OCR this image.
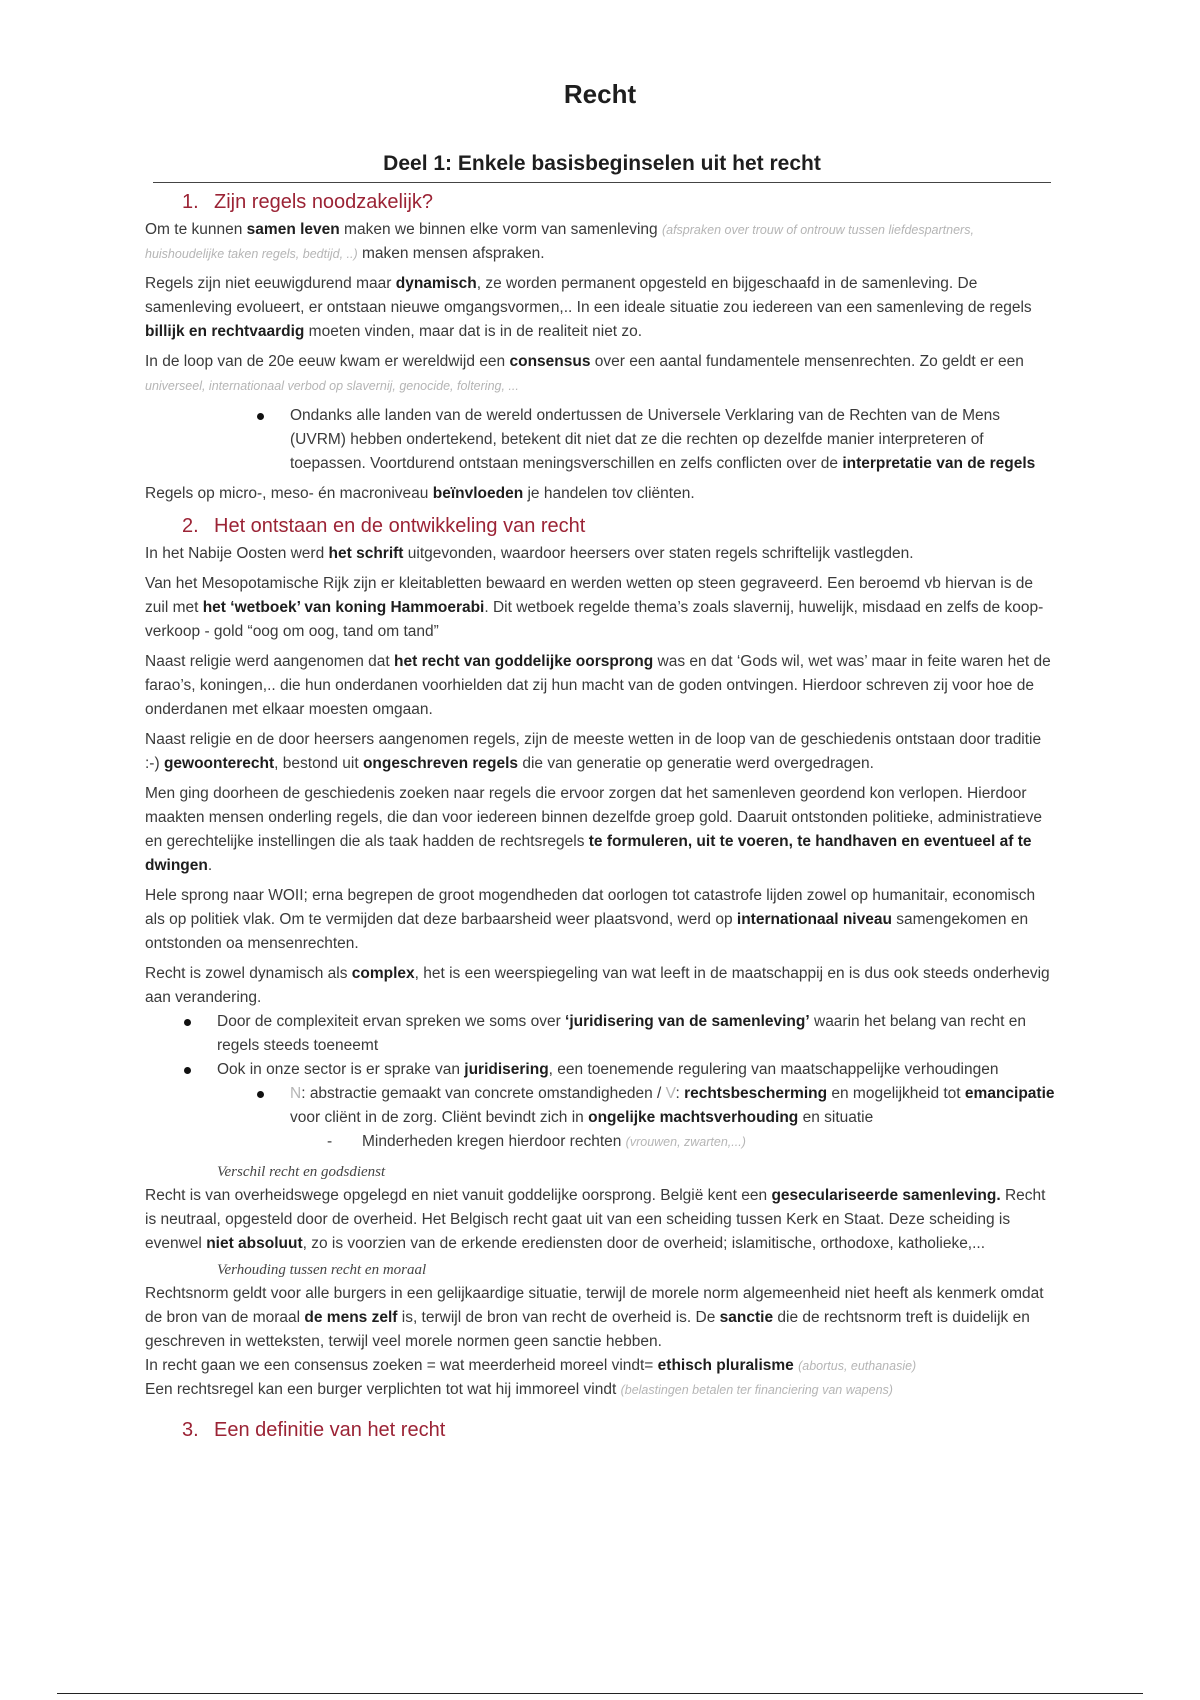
Recht
Deel 1: Enkele basisbeginselen uit het recht
1. Zijn regels noodzakelijk?

Om te kunnen samen leven maken we binnen elke vorm van samenleving (afspraken over trouw of ontrouw tussen liefdespartners, huishoudelijke taken regels, bedtijd, ..) maken mensen afspraken.

Regels zijn niet eeuwigdurend maar dynamisch, ze worden permanent opgesteld en bijgeschaafd in de samenleving. De samenleving evolueert, er ontstaan nieuwe omgangsvormen,.. In een ideale situatie zou iedereen van een samenleving de regels billijk en rechtvaardig moeten vinden, maar dat is in de realiteit niet zo.

In de loop van de 20e eeuw kwam er wereldwijd een consensus over een aantal fundamentele mensenrechten. Zo geldt er een universeel, internationaal verbod op slavernij, genocide, foltering, ...

Ondanks alle landen van de wereld ondertussen de Universele Verklaring van de Rechten van de Mens (UVRM) hebben ondertekend, betekent dit niet dat ze die rechten op dezelfde manier interpreteren of toepassen. Voortdurend ontstaan meningsverschillen en zelfs conflicten over de interpretatie van de regels

Regels op micro-, meso- én macroniveau beïnvloeden je handelen tov cliënten.

2. Het ontstaan en de ontwikkeling van recht

In het Nabije Oosten werd het schrift uitgevonden, waardoor heersers over staten regels schriftelijk vastlegden.

Van het Mesopotamische Rijk zijn er kleitabletten bewaard en werden wetten op steen gegraveerd. Een beroemd vb hiervan is de zuil met het ‘wetboek’ van koning Hammoerabi. Dit wetboek regelde thema’s zoals slavernij, huwelijk, misdaad en zelfs de koop-verkoop - gold “oog om oog, tand om tand”

Naast religie werd aangenomen dat het recht van goddelijke oorsprong was en dat ‘Gods wil, wet was’ maar in feite waren het de farao’s, koningen,.. die hun onderdanen voorhielden dat zij hun macht van de goden ontvingen. Hierdoor schreven zij voor hoe de onderdanen met elkaar moesten omgaan.

Naast religie en de door heersers aangenomen regels, zijn de meeste wetten in de loop van de geschiedenis ontstaan door traditie :-) gewoonterecht, bestond uit ongeschreven regels die van generatie op generatie werd overgedragen.

Men ging doorheen de geschiedenis zoeken naar regels die ervoor zorgen dat het samenleven geordend kon verlopen. Hierdoor maakten mensen onderling regels, die dan voor iedereen binnen dezelfde groep gold. Daaruit ontstonden politieke, administratieve en gerechtelijke instellingen die als taak hadden de rechtsregels te formuleren, uit te voeren, te handhaven en eventueel af te dwingen.

Hele sprong naar WOII; erna begrepen de groot mogendheden dat oorlogen tot catastrofe lijden zowel op humanitair, economisch als op politiek vlak. Om te vermijden dat deze barbaarsheid weer plaatsvond, werd op internationaal niveau samengekomen en ontstonden oa mensenrechten.

Recht is zowel dynamisch als complex, het is een weerspiegeling van wat leeft in de maatschappij en is dus ook steeds onderhevig aan verandering.

Door de complexiteit ervan spreken we soms over ‘juridisering van de samenleving’ waarin het belang van recht en regels steeds toeneemt
Ook in onze sector is er sprake van juridisering, een toenemende regulering van maatschappelijke verhoudingen
N: abstractie gemaakt van concrete omstandigheden / V: rechtsbescherming en mogelijkheid tot emancipatie voor cliënt in de zorg. Cliënt bevindt zich in ongelijke machtsverhouding en situatie
- Minderheden kregen hierdoor rechten (vrouwen, zwarten,...)
Verschil recht en godsdienst

Recht is van overheidswege opgelegd en niet vanuit goddelijke oorsprong. België kent een geseculariseerde samenleving. Recht is neutraal, opgesteld door de overheid. Het Belgisch recht gaat uit van een scheiding tussen Kerk en Staat. Deze scheiding is evenwel niet absoluut, zo is voorzien van de erkende erediensten door de overheid; islamitische, orthodoxe, katholieke,...

Verhouding tussen recht en moraal

Rechtsnorm geldt voor alle burgers in een gelijkaardige situatie, terwijl de morele norm algemeenheid niet heeft als kenmerk omdat de bron van de moraal de mens zelf is, terwijl de bron van recht de overheid is. De sanctie die de rechtsnorm treft is duidelijk en geschreven in wetteksten, terwijl veel morele normen geen sanctie hebben.

In recht gaan we een consensus zoeken = wat meerderheid moreel vindt= ethisch pluralisme (abortus, euthanasie)

Een rechtsregel kan een burger verplichten tot wat hij immoreel vindt (belastingen betalen ter financiering van wapens)

3. Een definitie van het recht
